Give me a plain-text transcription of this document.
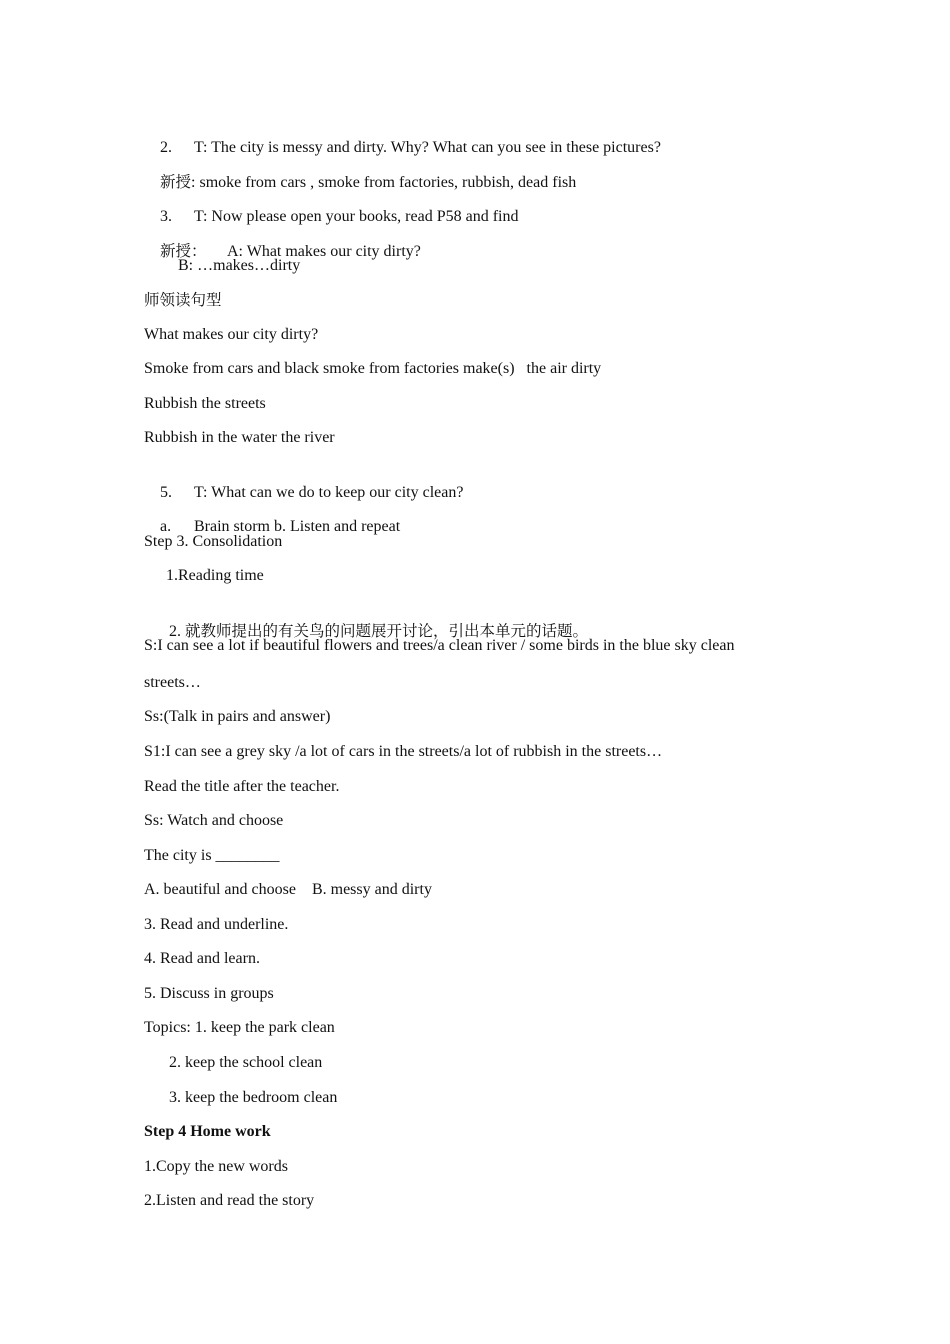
2. T: The city is messy and dirty. Why? What can you see in these pictures?

新授: smoke from cars , smoke from factories, rubbish, dead fish

3. T: Now please open your books, read P58 and find

新授： A: What makes our city dirty?

B: …makes…dirty
师领读句型
What makes our city dirty?
Smoke from cars and black smoke from factories make(s)   the air dirty
Rubbish the streets
Rubbish in the water the river

5. T: What can we do to keep our city clean?

a. Brain storm b. Listen and repeat

Step 3. Consolidation
1.Reading time

2. 就教师提出的有关鸟的问题展开讨论，引出本单元的话题。

S:I can see a lot if beautiful flowers and trees/a clean river / some birds in the blue sky clean
streets…
Ss:(Talk in pairs and answer)
S1:I can see a grey sky /a lot of cars in the streets/a lot of rubbish in the streets…
Read the title after the teacher.
Ss: Watch and choose
The city is ________
A. beautiful and choose    B. messy and dirty
3. Read and underline.
4. Read and learn.
5. Discuss in groups
Topics: 1. keep the park clean
2. keep the school clean
3. keep the bedroom clean
Step 4 Home work
1.Copy the new words
2.Listen and read the story
